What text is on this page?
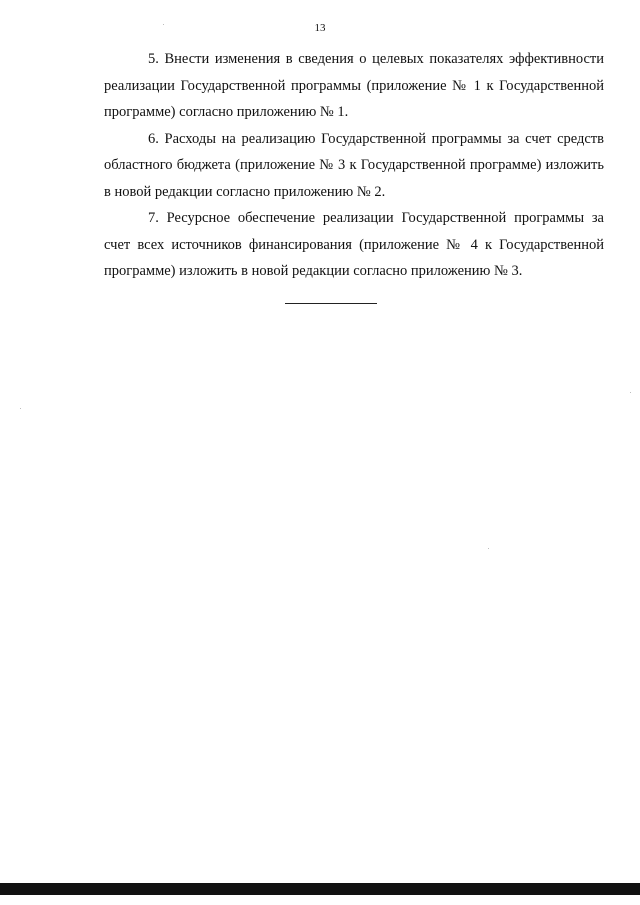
13

5. Внести изменения в сведения о целевых показателях эффективности реализации Государственной программы (приложение № 1 к Государственной программе) согласно приложению № 1.

6. Расходы на реализацию Государственной программы за счет средств областного бюджета (приложение № 3 к Государственной программе) изложить в новой редакции согласно приложению № 2.

7. Ресурсное обеспечение реализации Государственной программы за счет всех источников финансирования (приложение № 4 к Государственной программе) изложить в новой редакции согласно приложению № 3.
